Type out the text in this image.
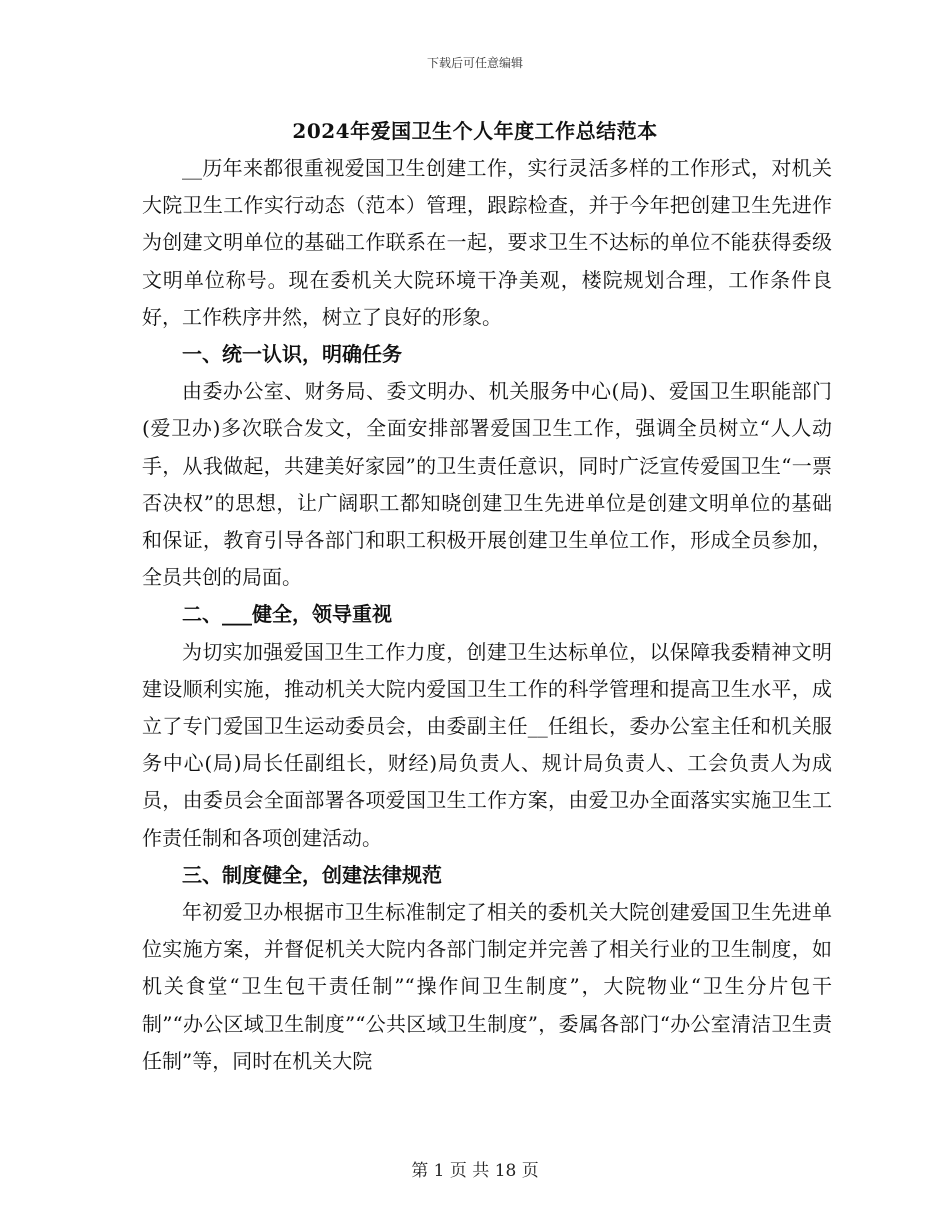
下载后可任意编辑
2024年爱国卫生个人年度工作总结范本

__历年来都很重视爱国卫生创建工作，实行灵活多样的工作形式，对机关大院卫生工作实行动态（范本）管理，跟踪检查，并于今年把创建卫生先进作为创建文明单位的基础工作联系在一起，要求卫生不达标的单位不能获得委级文明单位称号。现在委机关大院环境干净美观，楼院规划合理，工作条件良好，工作秩序井然，树立了良好的形象。

一、统一认识，明确任务

由委办公室、财务局、委文明办、机关服务中心(局)、爱国卫生职能部门(爱卫办)多次联合发文，全面安排部署爱国卫生工作，强调全员树立“人人动手，从我做起，共建美好家园”的卫生责任意识，同时广泛宣传爱国卫生“一票否决权”的思想，让广阔职工都知晓创建卫生先进单位是创建文明单位的基础和保证，教育引导各部门和职工积极开展创建卫生单位工作，形成全员参加，全员共创的局面。

二、___健全，领导重视

为切实加强爱国卫生工作力度，创建卫生达标单位，以保障我委精神文明建设顺利实施，推动机关大院内爱国卫生工作的科学管理和提高卫生水平，成立了专门爱国卫生运动委员会，由委副主任__任组长，委办公室主任和机关服务中心(局)局长任副组长，财经)局负责人、规计局负责人、工会负责人为成员，由委员会全面部署各项爱国卫生工作方案，由爱卫办全面落实实施卫生工作责任制和各项创建活动。

三、制度健全，创建法律规范

年初爱卫办根据市卫生标准制定了相关的委机关大院创建爱国卫生先进单位实施方案，并督促机关大院内各部门制定并完善了相关行业的卫生制度，如机关食堂“卫生包干责任制”“操作间卫生制度”，大院物业“卫生分片包干制”“办公区域卫生制度”“公共区域卫生制度”，委属各部门“办公室清洁卫生责任制”等，同时在机关大院

第 1 页 共 18 页
